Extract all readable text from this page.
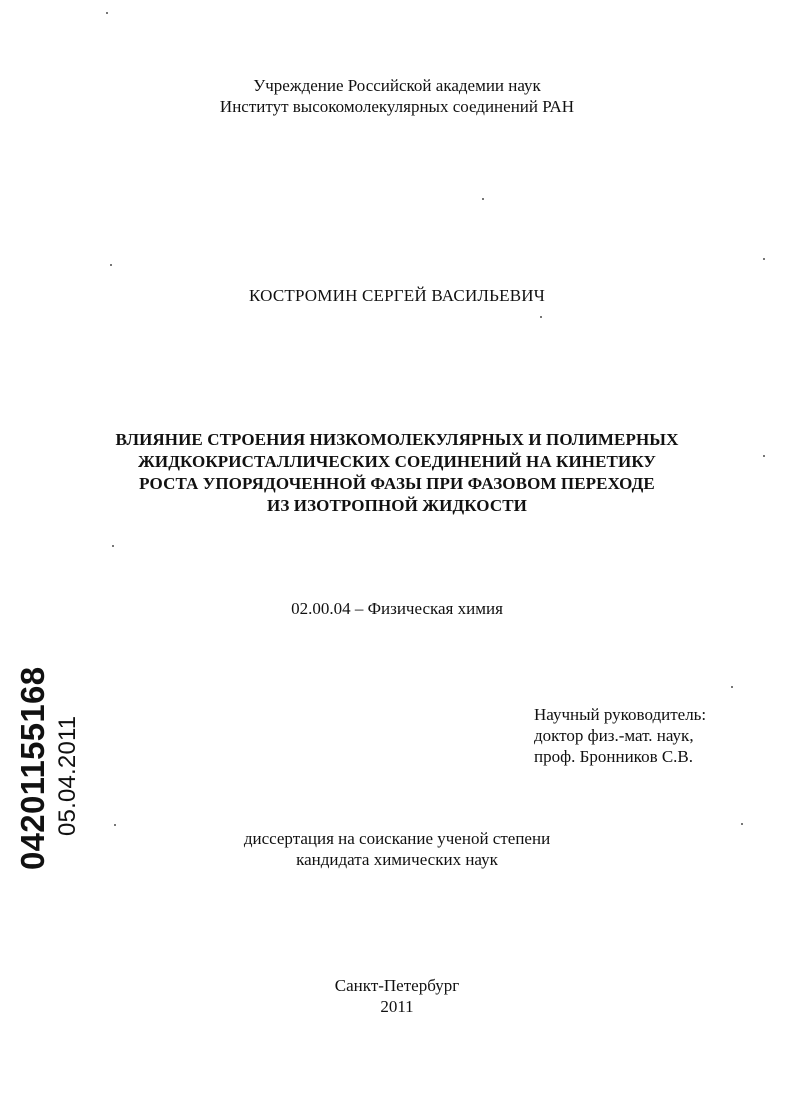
Учреждение Российской академии наук
Институт высокомолекулярных соединений РАН
КОСТРОМИН СЕРГЕЙ ВАСИЛЬЕВИЧ
ВЛИЯНИЕ СТРОЕНИЯ НИЗКОМОЛЕКУЛЯРНЫХ И ПОЛИМЕРНЫХ
ЖИДКОКРИСТАЛЛИЧЕСКИХ СОЕДИНЕНИЙ НА КИНЕТИКУ
РОСТА УПОРЯДОЧЕННОЙ ФАЗЫ ПРИ ФАЗОВОМ ПЕРЕХОДЕ
ИЗ ИЗОТРОПНОЙ ЖИДКОСТИ
02.00.04 – Физическая химия
Научный руководитель:
доктор физ.-мат. наук,
проф. Бронников С.В.
диссертация на соискание ученой степени
кандидата химических наук
Санкт-Петербург
2011
04201155168 05.04.2011
